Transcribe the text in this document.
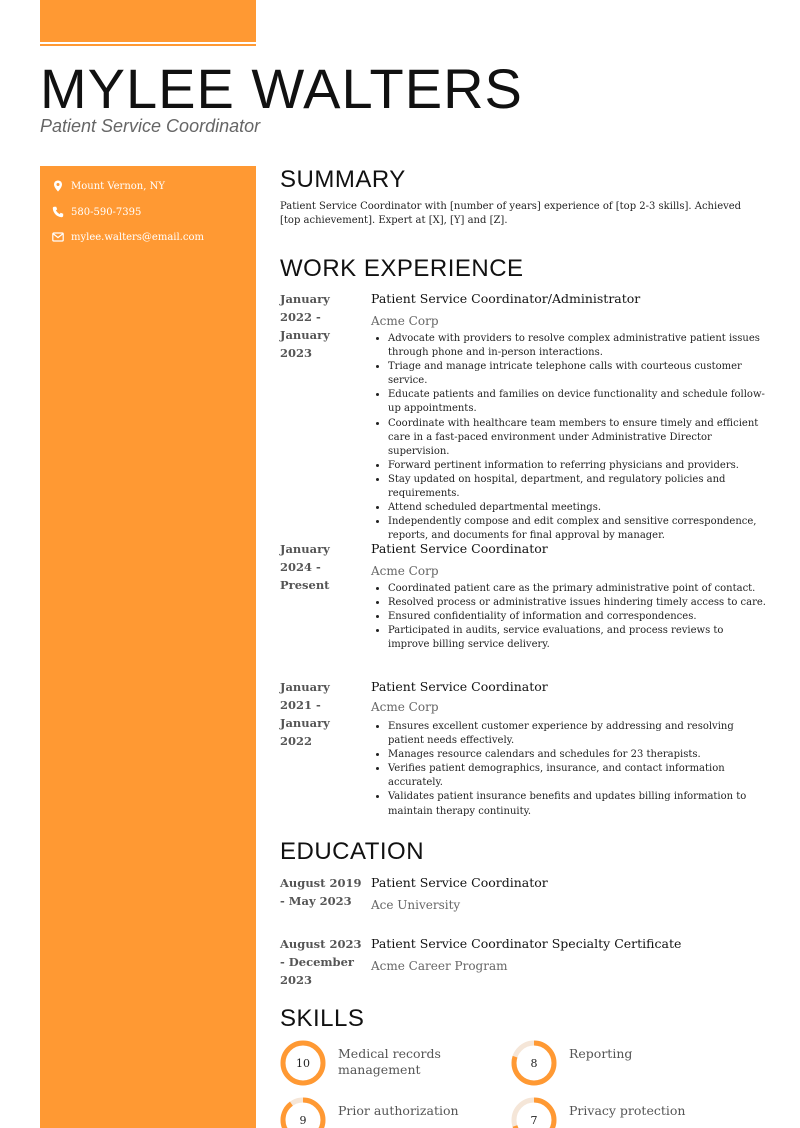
MYLEE WALTERS
Patient Service Coordinator
Mount Vernon, NY
580-590-7395
mylee.walters@email.com
SUMMARY
Patient Service Coordinator with [number of years] experience of [top 2-3 skills]. Achieved [top achievement]. Expert at [X], [Y] and [Z].
WORK EXPERIENCE
January 2022 - January 2023
Patient Service Coordinator/Administrator
Acme Corp
• Advocate with providers to resolve complex administrative patient issues through phone and in-person interactions.
• Triage and manage intricate telephone calls with courteous customer service.
• Educate patients and families on device functionality and schedule follow-up appointments.
• Coordinate with healthcare team members to ensure timely and efficient care in a fast-paced environment under Administrative Director supervision.
• Forward pertinent information to referring physicians and providers.
• Stay updated on hospital, department, and regulatory policies and requirements.
• Attend scheduled departmental meetings.
• Independently compose and edit complex and sensitive correspondence, reports, and documents for final approval by manager.
January 2024 - Present
Patient Service Coordinator
Acme Corp
• Coordinated patient care as the primary administrative point of contact.
• Resolved process or administrative issues hindering timely access to care.
• Ensured confidentiality of information and correspondences.
• Participated in audits, service evaluations, and process reviews to improve billing service delivery.
January 2021 - January 2022
Patient Service Coordinator
Acme Corp
• Ensures excellent customer experience by addressing and resolving patient needs effectively.
• Manages resource calendars and schedules for 23 therapists.
• Verifies patient demographics, insurance, and contact information accurately.
• Validates patient insurance benefits and updates billing information to maintain therapy continuity.
EDUCATION
August 2019 - May 2023
Patient Service Coordinator
Ace University
August 2023 - December 2023
Patient Service Coordinator Specialty Certificate
Acme Career Program
SKILLS
10
Medical records management	8
Reporting
9
Prior authorization
7
Privacy protection
